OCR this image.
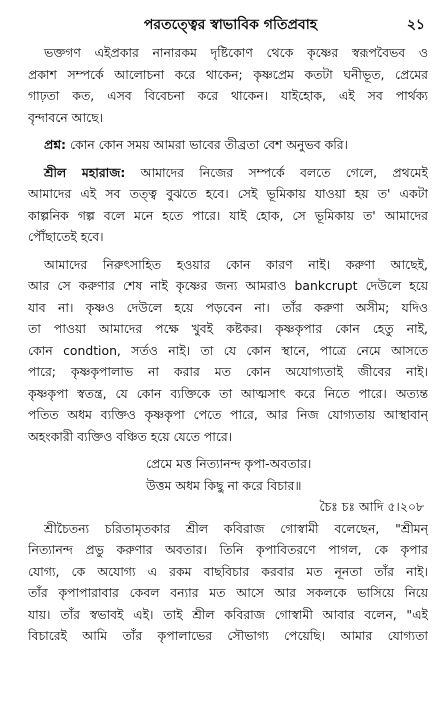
পরতত্ত্বের স্বাভাবিক গতিপ্রবাহ	২১
ভক্তগণ এইপ্রকার নানারকম দৃষ্টিকোণ থেকে কৃষ্ণের স্বরূপবৈভব ও
প্রকাশ সম্পর্কে আলোচনা করে থাকেন; কৃষ্ণপ্রেম কতটা ঘনীভূত, প্রেমের
গাঢ়তা কত, এসব বিবেচনা করে থাকেন। যাইহোক, এই সব পার্থক্য
বৃন্দাবনে আছে।
প্রশ্ন: কোন কোন সময় আমরা ভাবের তীব্রতা বেশ অনুভব করি।
শ্রীল মহারাজ: আমাদের নিজের সম্পর্কে বলতে গেলে, প্রথমেই
আমাদের এই সব তত্ত্ব বুঝতে হবে। সেই ভূমিকায় যাওয়া হয় ত' একটা
কাল্পনিক গল্প বলে মনে হতে পারে। যাই হোক, সে ভূমিকায় ত' আমাদের
পৌঁছাতেই হবে।
আমাদের নিরুৎসাহিত হওয়ার কোন কারণ নাই। করুণা আছেই,
আর সে করুণার শেষ নাই কৃষ্ণের জন্য আমরাও bankcrupt দেউলে হয়ে
যাব না। কৃষ্ণও দেউলে হয়ে পড়বেন না। তাঁর করুণা অসীম; যদিও
তা পাওয়া আমাদের পক্ষে খুবই কষ্টকর। কৃষ্ণকৃপার কোন হেতু নাই,
কোন condtion, সর্তও নাই। তা যে কোন স্থানে, পাত্রে নেমে আসতে
পারে; কৃষ্ণকৃপালাভ না করার মত কোন অযোগ্যতাই জীবের নাই।
কৃষ্ণকৃপা স্বতন্ত্র, যে কোন ব্যক্তিকে তা আত্মসাৎ করে নিতে পারে। অত্যন্ত
পতিত অধম ব্যক্তিও কৃষ্ণকৃপা পেতে পারে, আর নিজ যোগ্যতায় আস্থাবান্
অহংকারী ব্যক্তিও বঞ্চিত হয়ে যেতে পারে।
প্রেমে মত্ত নিত্যানন্দ কৃপা-অবতার।
উত্তম অধম কিছু না করে বিচার॥
চৈঃ চঃ আদি ৫।২০৮
শ্রীচৈতন্য চরিতামৃতকার শ্রীল কবিরাজ গোস্বামী বলেছেন, "শ্রীমন্
নিত্যানন্দ প্রভু করুণার অবতার। তিনি কৃপাবিতরণে পাগল, কে কৃপার
যোগ্য, কে অযোগ্য এ রকম বাছবিচার করবার মত নূনতা তাঁর নাই।
তাঁর কৃপাপারাবার কেবল বন্যার মত আসে আর সকলকে ভাসিয়ে নিয়ে
যায়। তাঁর স্বভাবই এই। তাই শ্রীল কবিরাজ গোস্বামী আবার বলেন, "এই
বিচারেই আমি তাঁর কৃপালাভের সৌভাগ্য পেয়েছি। আমার যোগ্যতা
